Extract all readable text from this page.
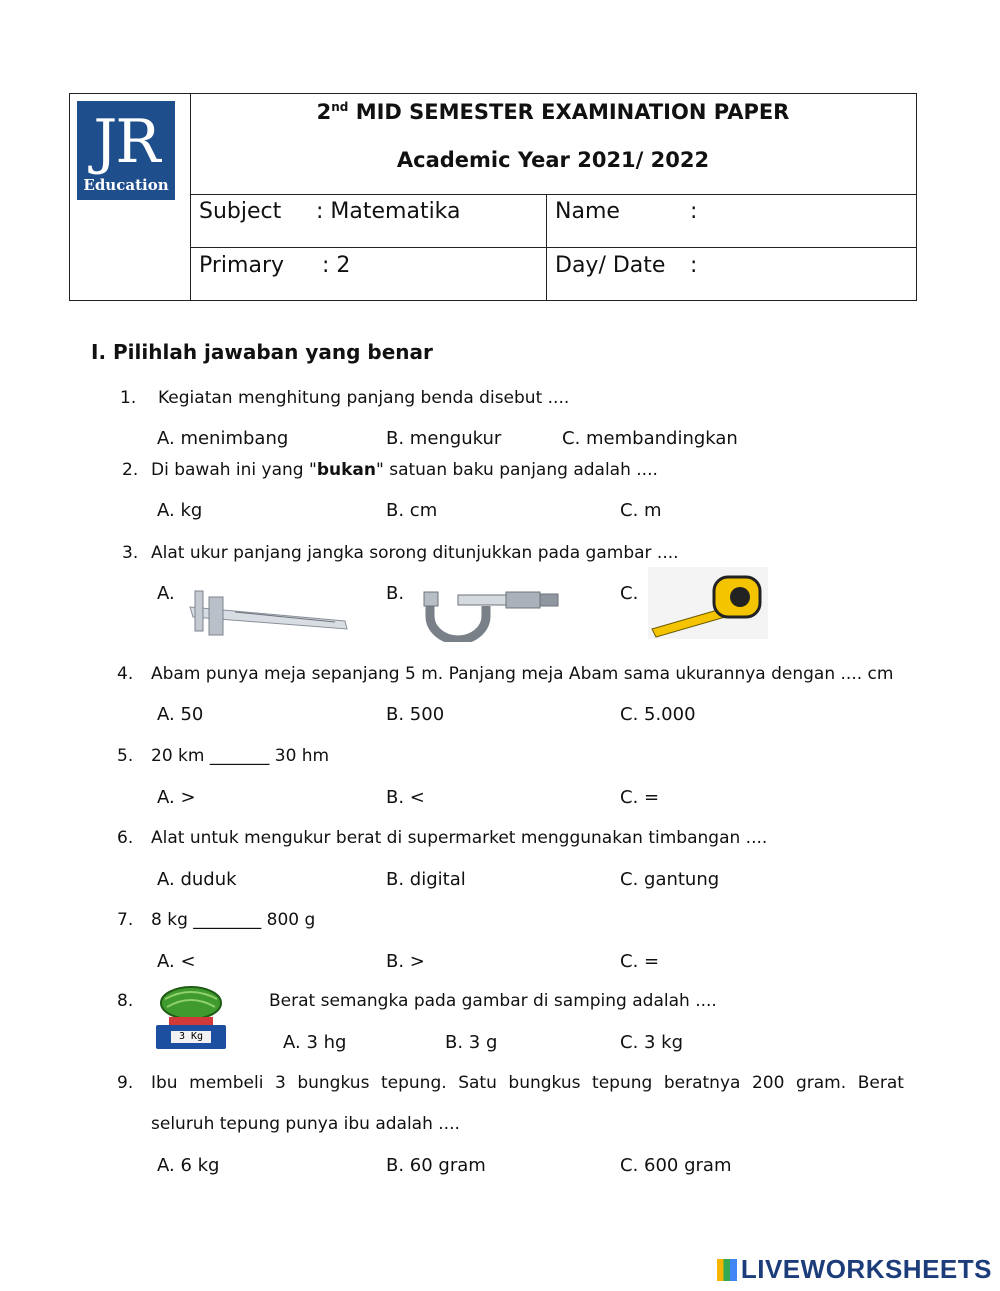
JR
Education
2nd MID SEMESTER EXAMINATION PAPER
Academic Year 2021/ 2022
Subject : Matematika	Name	:
Primary : 2	Day/ Date :
I. Pilihlah jawaban yang benar
1. Kegiatan menghitung panjang benda disebut ....
A. menimbang	B. mengukur	C. membandingkan
2. Di bawah ini yang "bukan" satuan baku panjang adalah ....
A. kg	B. cm	C. m
3. Alat ukur panjang jangka sorong ditunjukkan pada gambar ....
A.	B.	C.
4. Abam punya meja sepanjang 5 m. Panjang meja Abam sama ukurannya dengan .... cm
A. 50	B. 500	C. 5.000
5. 20 km _______ 30 hm
A. >	B. <	C. =
6. Alat untuk mengukur berat di supermarket menggunakan timbangan ....
A. duduk	B. digital	C. gantung
7. 8 kg ________ 800 g
A. <	B. >	C. =
8.
3 Kg
Berat semangka pada gambar di samping adalah ....
A. 3 hg	B. 3 g	C. 3 kg
9. Ibu membeli 3 bungkus tepung. Satu bungkus tepung beratnya 200 gram. Berat
seluruh tepung punya ibu adalah ....
A. 6 kg	B. 60 gram	C. 600 gram
LIVEWORKSHEETS
